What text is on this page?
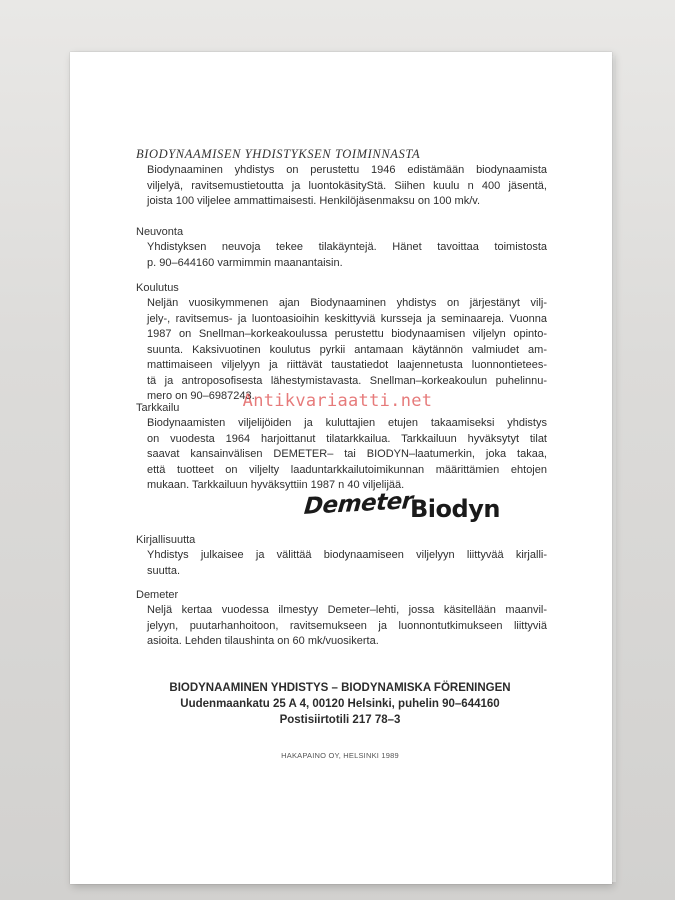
BIODYNAAMISEN YHDISTYKSEN TOIMINNASTA
Biodynaaminen yhdistys on perustettu 1946 edistämään biodynaamista
viljelyä, ravitsemustietoutta ja luontokäsityStä. Siihen kuulu n 400 jäsentä,
joista 100 viljelee ammattimaisesti. Henkilöjäsenmaksu on 100 mk/v.
Neuvonta
Yhdistyksen neuvoja tekee tilakäyntejä. Hänet tavoittaa toimistosta
p. 90–644160 varmimmin maanantaisin.
Koulutus
Neljän vuosikymmenen ajan Biodynaaminen yhdistys on järjestänyt vilj-
jely-, ravitsemus- ja luontoasioihin keskittyviä kursseja ja seminaareja. Vuonna
1987 on Snellman–korkeakoulussa perustettu biodynaamisen viljelyn opinto-
suunta. Kaksivuotinen koulutus pyrkii antamaan käytännön valmiudet am-
mattimaiseen viljelyyn ja riittävät taustatiedot laajennetusta luonnontietees-
tä ja antroposofisesta lähestymistavasta. Snellman–korkeakoulun puhelinnu-
mero on 90–6987243.
Tarkkailu
Biodynaamisten viljelijöiden ja kuluttajien etujen takaamiseksi yhdistys
on vuodesta 1964 harjoittanut tilatarkkailua. Tarkkailuun hyväksytyt tilat
saavat kansainvälisen DEMETER– tai BIODYN–laatumerkin, joka takaa,
että tuotteet on viljelty laaduntarkkailutoimikunnan määrittämien ehtojen
mukaan. Tarkkailuun hyväksyttiin 1987 n 40 viljelijää.
Demeter
Biodyn
Kirjallisuutta
Yhdistys julkaisee ja välittää biodynaamiseen viljelyyn liittyvää kirjalli-
suutta.
Demeter
Neljä kertaa vuodessa ilmestyy Demeter–lehti, jossa käsitellään maanvil-
jelyyn, puutarhanhoitoon, ravitsemukseen ja luonnontutkimukseen liittyviä
asioita. Lehden tilaushinta on 60 mk/vuosikerta.
BIODYNAAMINEN YHDISTYS – BIODYNAMISKA FÖRENINGEN
Uudenmaankatu 25 A 4, 00120 Helsinki, puhelin 90–644160
Postisiirtotili 217 78–3
HAKAPAINO OY, HELSINKI 1989
Antikvariaatti.net
